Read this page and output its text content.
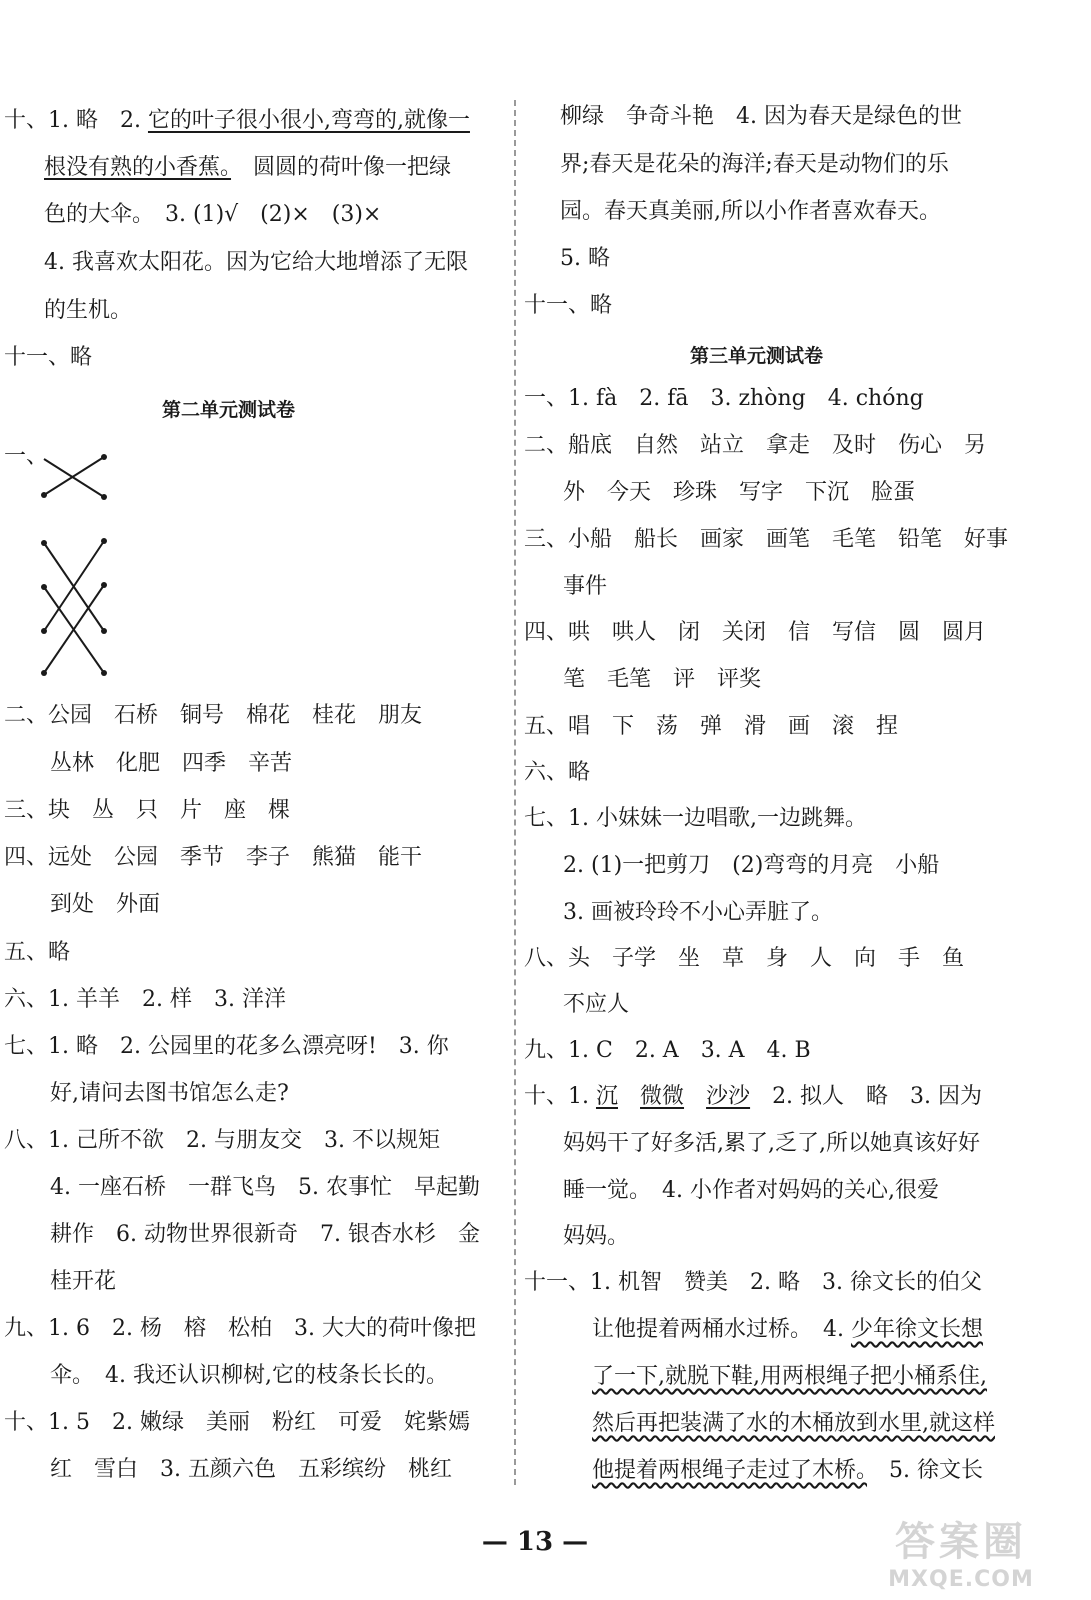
十、1. 略　2. 它的叶子很小很小,弯弯的,就像一
根没有熟的小香蕉。　圆圆的荷叶像一把绿
色的大伞。　3. (1)√　(2)×　(3)×
4. 我喜欢太阳花。因为它给大地增添了无限
的生机。
十一、略
第二单元测试卷
一、
二、公园　石桥　铜号　棉花　桂花　朋友
丛林　化肥　四季　辛苦
三、块　丛　只　片　座　棵
四、远处　公园　季节　李子　熊猫　能干
到处　外面
五、略
六、1. 羊羊　2. 样　3. 洋洋
七、1. 略　2. 公园里的花多么漂亮呀!　3. 你
好,请问去图书馆怎么走?
八、1. 己所不欲　2. 与朋友交　3. 不以规矩
4. 一座石桥　一群飞鸟　5. 农事忙　早起勤
耕作　6. 动物世界很新奇　7. 银杏水杉　金
桂开花
九、1. 6　2. 杨　榕　松柏　3. 大大的荷叶像把
伞。　4. 我还认识柳树,它的枝条长长的。
十、1. 5　2. 嫩绿　美丽　粉红　可爱　姹紫嫣
红　雪白　3. 五颜六色　五彩缤纷　桃红
柳绿　争奇斗艳　4. 因为春天是绿色的世
界;春天是花朵的海洋;春天是动物们的乐
园。春天真美丽,所以小作者喜欢春天。
5. 略
十一、略
第三单元测试卷
一、1. fà　2. fā　3. zhòng　4. chóng
二、船底　自然　站立　拿走　及时　伤心　另
外　今天　珍珠　写字　下沉　脸蛋
三、小船　船长　画家　画笔　毛笔　铅笔　好事
事件
四、哄　哄人　闭　关闭　信　写信　圆　圆月
笔　毛笔　评　评奖
五、唱　下　荡　弹　滑　画　滚　捏
六、略
七、1. 小妹妹一边唱歌,一边跳舞。
2. (1)一把剪刀　(2)弯弯的月亮　小船
3. 画被玲玲不小心弄脏了。
八、头　子学　坐　草　身　人　向　手　鱼
不应人
九、1. C　2. A　3. A　4. B
十、1. 沉　 微微　 沙沙　2. 拟人　略　3. 因为
妈妈干了好多活,累了,乏了,所以她真该好好
睡一觉。　4. 小作者对妈妈的关心,很爱
妈妈。
十一、1. 机智　赞美　2. 略　3. 徐文长的伯父
让他提着两桶水过桥。　4. 少年徐文长想
了一下,就脱下鞋,用两根绳子把小桶系住,
然后再把装满了水的木桶放到水里,就这样
他提着两根绳子走过了木桥。　5. 徐文长
— 13 —	答案圈
MXQE.COM
